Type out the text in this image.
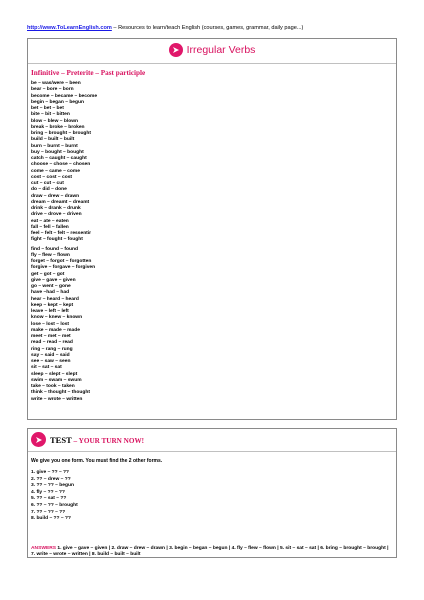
http://www.ToLearnEnglish.com – Resources to learn/teach English (courses, games, grammar, daily page...)
Irregular Verbs
Infinitive – Preterite – Past participle
be – was/were – been
bear – bore – born
become – became – become
begin – began – begun
bet – bet – bet
bite – bit – bitten
blow – blew – blown
break – broke – broken
bring – brought – brought
build – built – built
burn – burnt – burnt
buy – bought – bought
catch – caught – caught
choose – chose – chosen
come – came – come
cost – cost – cost
cut – cut – cut
do – did – done
draw – drew – drawn
dream – dreamt – dreamt
drink – drank – drunk
drive – drove – driven
eat – ate – eaten
fall – fell – fallen
feel – felt – felt – ressentir
fight – fought – fought
find – found – found
fly – flew – flown
forget – forgot – forgotten
forgive – forgave – forgiven
get – got – got
give – gave – given
go – went – gone
have –had – had
hear – heard – heard
keep – kept – kept
leave – left – left
know – knew – known
lose – lost – lost
make – made – made
meet – met – met
read – read – read
ring – rang – rung
say – said – said
see – saw – seen
sit – sat – sat
sleep – slept – slept
swim – swam – swum
take – took – taken
think – thought – thought
write – wrote – written
TEST – YOUR TURN NOW!
We give you one form. You must find the 2 other forms.
1. give – ?? – ??
2. ?? – drew – ??
3. ?? – ?? – begun
4. fly – ?? – ??
5. ?? – sat – ??
6. ?? – ?? – brought
7. ?? – ?? – ??
8. build – ?? – ??
ANSWERS 1. give – gave – given | 2. draw – drew – drawn | 3. begin – began – begun | 4. fly – flew – flown | 5. sit – sat – sat | 6. bring – brought – brought | 7. write – wrote – written | 8. build – built – built
